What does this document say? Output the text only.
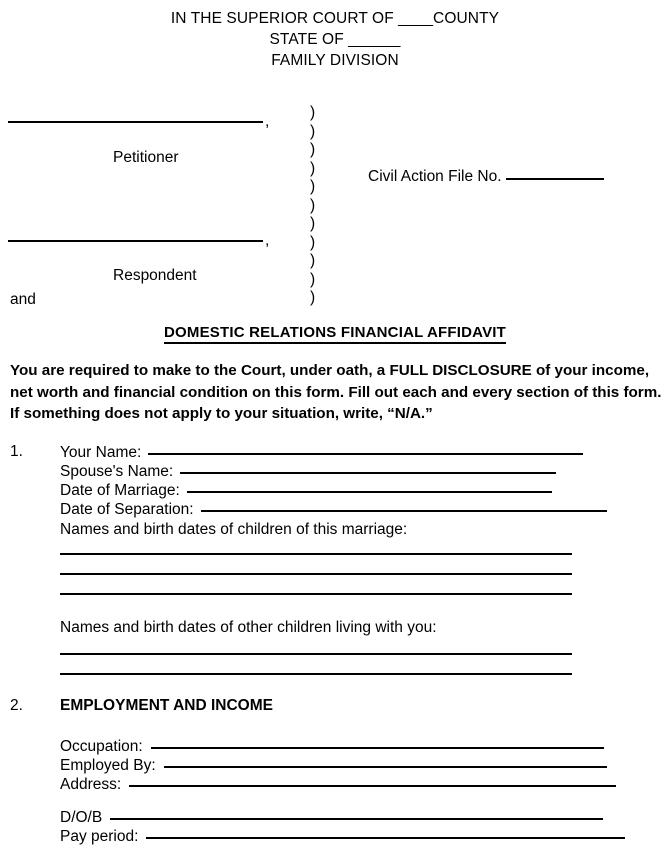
IN THE SUPERIOR COURT OF ____COUNTY
STATE OF ______
FAMILY DIVISION
,
Petitioner
and
,
Respondent
)
)
)
)
)
)
)
)
)
)
)
Civil Action File No.
DOMESTIC RELATIONS FINANCIAL AFFIDAVIT
You are required to make to the Court, under oath, a FULL DISCLOSURE of your income, net worth and financial condition on this form. Fill out each and every section of this form. If something does not apply to your situation, write, “N/A.”
1. Your Name:
Spouse's Name:
Date of Marriage:
Date of Separation:
Names and birth dates of children of this marriage:
Names and birth dates of other children living with you:
2. EMPLOYMENT AND INCOME
Occupation:
Employed By:
Address:
D/O/B
Pay period:
